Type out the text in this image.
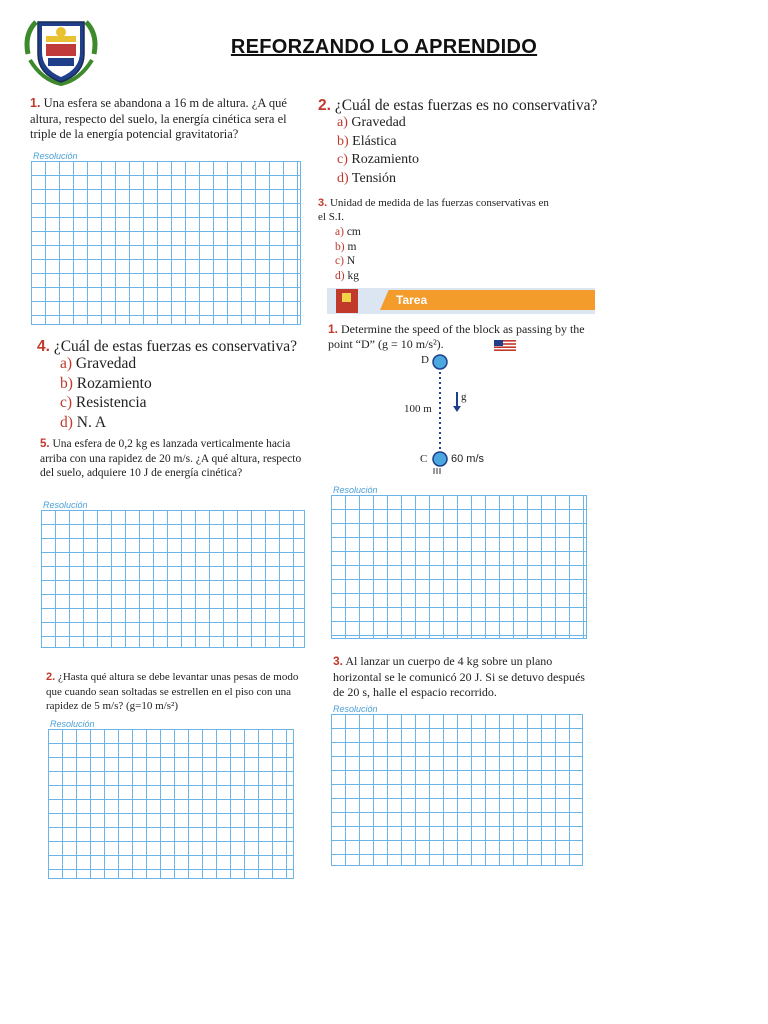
REFORZANDO LO APRENDIDO
1. Una esfera se abandona a 16 m de altura. ¿A qué altura, respecto del suelo, la energía cinética sera el triple de la energía potencial gravitatoria?
Resolución
4. ¿Cuál de estas fuerzas es conservativa?
a) Gravedad
b) Rozamiento
c) Resistencia
d) N. A
5. Una esfera de 0,2 kg es lanzada verticalmente hacia arriba con una rapidez de 20 m/s. ¿A qué altura, respecto del suelo, adquiere 10 J de energía cinética?
Resolución
2. ¿Hasta qué altura se debe levantar unas pesas de modo que cuando sean soltadas se estrellen en el piso con una rapidez de 5 m/s? (g=10 m/s²)
Resolución
2. ¿Cuál de estas fuerzas es no conservativa?
a) Gravedad
b) Elástica
c) Rozamiento
d) Tensión
3. Unidad de medida de las fuerzas conservativas en el S.I.
a) cm
b) m
c) N
d) kg
Tarea
1. Determine the speed of the block as passing by the point “D” (g = 10 m/s²).
D
C
100 m
g
60 m/s
Resolución
3. Al lanzar un cuerpo de 4 kg sobre un plano horizontal se le comunicó 20 J. Si se detuvo después de 20 s, halle el espacio recorrido.
Resolución
